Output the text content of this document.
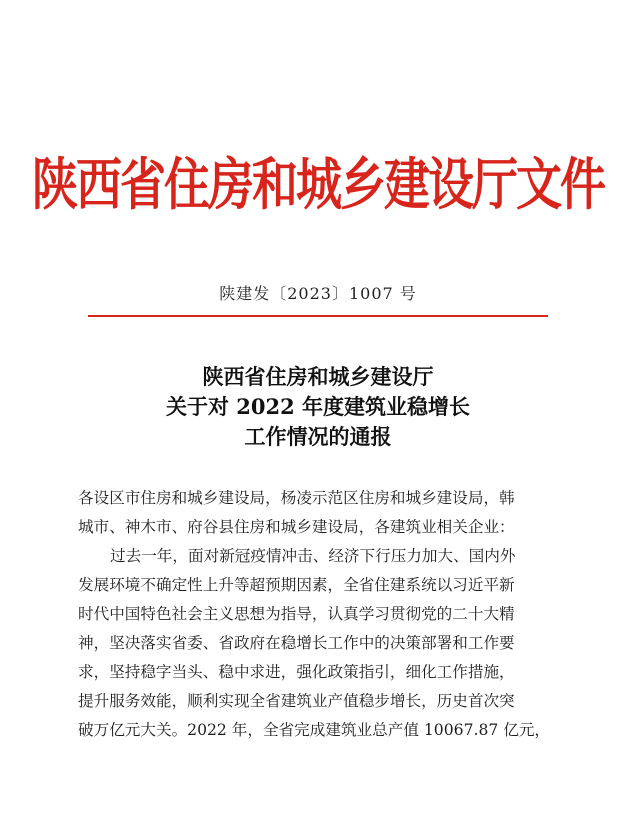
陕西省住房和城乡建设厅文件
陕建发〔2023〕1007 号
陕西省住房和城乡建设厅
关于对 2022 年度建筑业稳增长
工作情况的通报
各设区市住房和城乡建设局，杨凌示范区住房和城乡建设局，韩
城市、神木市、府谷县住房和城乡建设局，各建筑业相关企业：
过去一年，面对新冠疫情冲击、经济下行压力加大、国内外
发展环境不确定性上升等超预期因素，全省住建系统以习近平新
时代中国特色社会主义思想为指导，认真学习贯彻党的二十大精
神，坚决落实省委、省政府在稳增长工作中的决策部署和工作要
求，坚持稳字当头、稳中求进，强化政策指引，细化工作措施，
提升服务效能，顺利实现全省建筑业产值稳步增长，历史首次突
破万亿元大关。2022 年，全省完成建筑业总产值 10067.87 亿元，
